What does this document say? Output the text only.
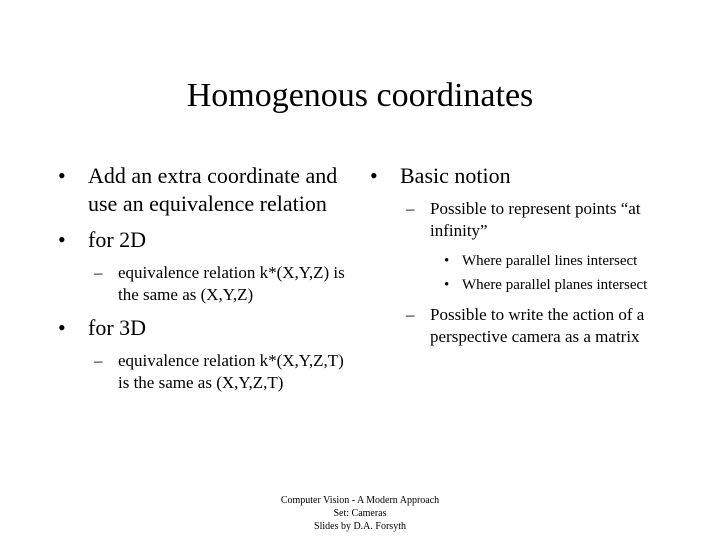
Homogenous coordinates
• Add an extra coordinate and use an equivalence relation
• for 2D
– equivalence relation k*(X,Y,Z) is the same as (X,Y,Z)
• for 3D
– equivalence relation k*(X,Y,Z,T) is the same as (X,Y,Z,T)
• Basic notion
– Possible to represent points “at infinity”
• Where parallel lines intersect
• Where parallel planes intersect
– Possible to write the action of a perspective camera as a matrix
Computer Vision - A Modern Approach
Set: Cameras
Slides by D.A. Forsyth
